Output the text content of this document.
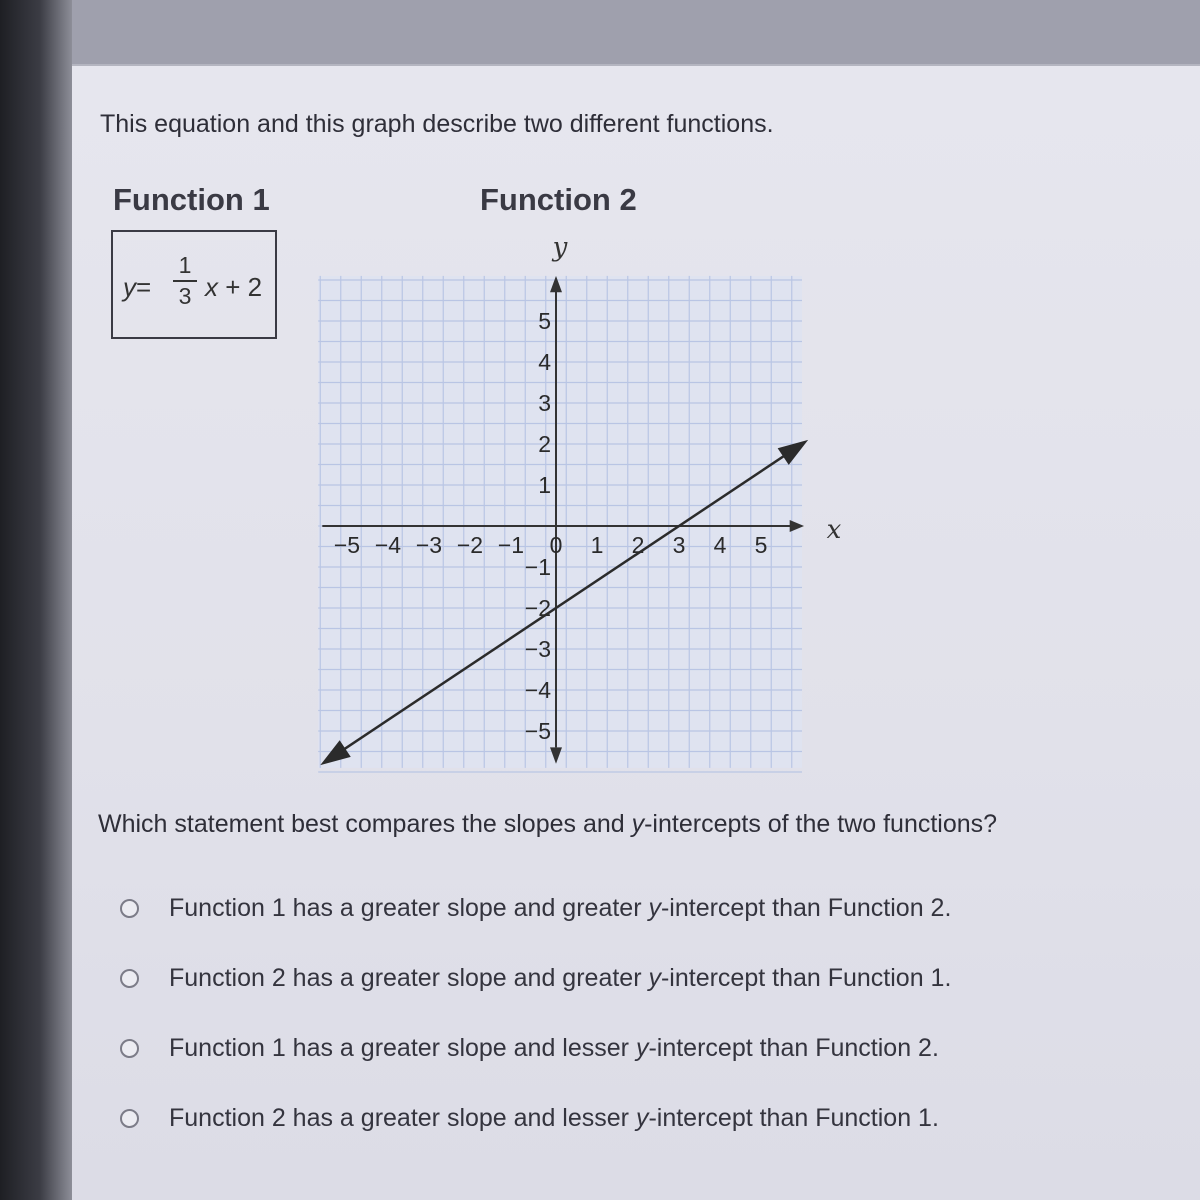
This equation and this graph describe two different functions.
Function 1	Function 2
y=
1
3 x + 2
x
y
−5 −4 −3 −2 −1 0 1 2 3 4 5
5
4
3
2
1
−1
−2
−3
−4
−5
Which statement best compares the slopes and y-intercepts of the two functions?
Function 1 has a greater slope and greater y-intercept than Function 2.
Function 2 has a greater slope and greater y-intercept than Function 1.
Function 1 has a greater slope and lesser y-intercept than Function 2.
Function 2 has a greater slope and lesser y-intercept than Function 1.
